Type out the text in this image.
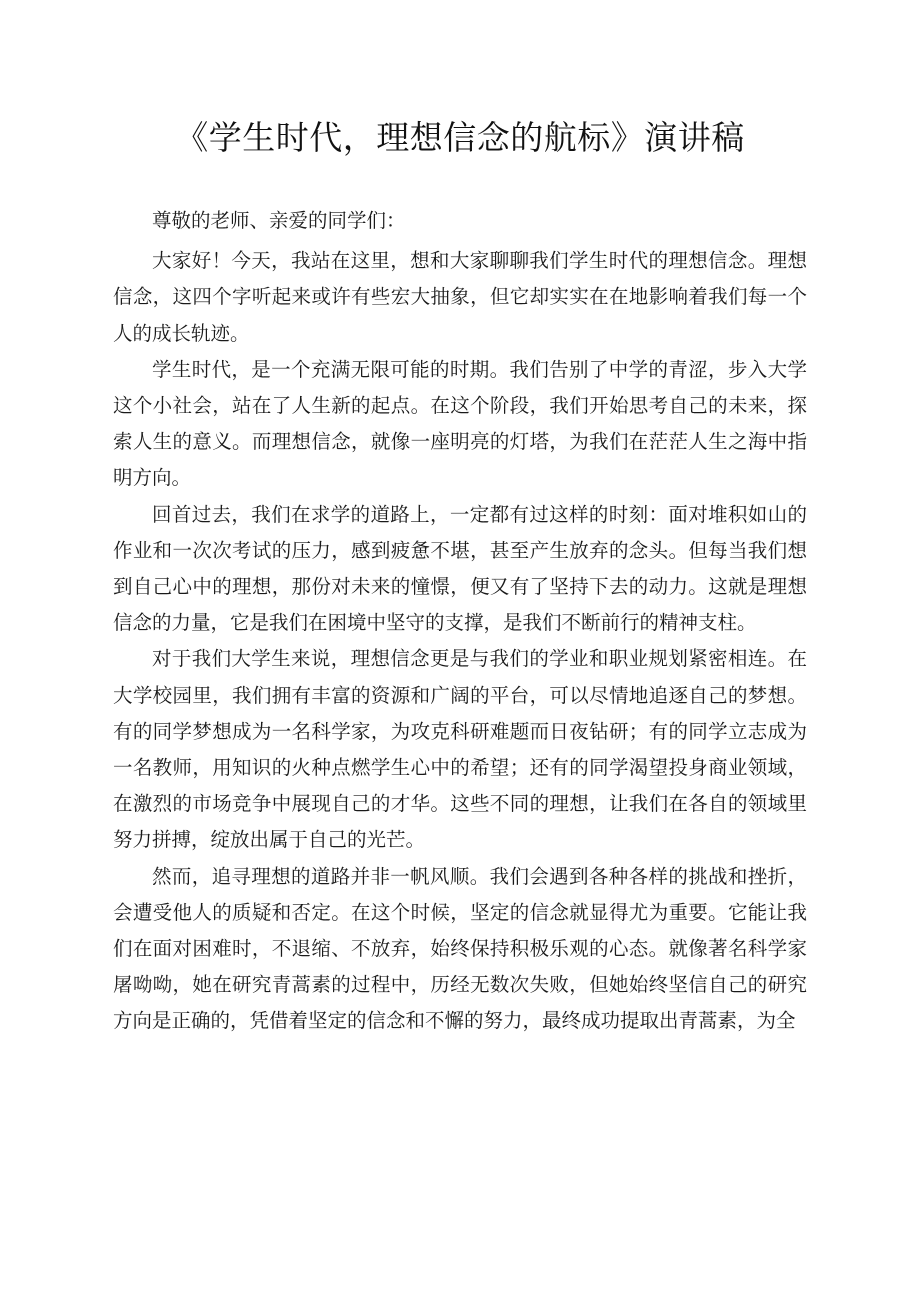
《学生时代，理想信念的航标》演讲稿

尊敬的老师、亲爱的同学们：

大家好！今天，我站在这里，想和大家聊聊我们学生时代的理想信念。理想信念，这四个字听起来或许有些宏大抽象，但它却实实在在地影响着我们每一个人的成长轨迹。

学生时代，是一个充满无限可能的时期。我们告别了中学的青涩，步入大学这个小社会，站在了人生新的起点。在这个阶段，我们开始思考自己的未来，探索人生的意义。而理想信念，就像一座明亮的灯塔，为我们在茫茫人生之海中指明方向。

回首过去，我们在求学的道路上，一定都有过这样的时刻：面对堆积如山的作业和一次次考试的压力，感到疲惫不堪，甚至产生放弃的念头。但每当我们想到自己心中的理想，那份对未来的憧憬，便又有了坚持下去的动力。这就是理想信念的力量，它是我们在困境中坚守的支撑，是我们不断前行的精神支柱。

对于我们大学生来说，理想信念更是与我们的学业和职业规划紧密相连。在大学校园里，我们拥有丰富的资源和广阔的平台，可以尽情地追逐自己的梦想。有的同学梦想成为一名科学家，为攻克科研难题而日夜钻研；有的同学立志成为一名教师，用知识的火种点燃学生心中的希望；还有的同学渴望投身商业领域，在激烈的市场竞争中展现自己的才华。这些不同的理想，让我们在各自的领域里努力拼搏，绽放出属于自己的光芒。

然而，追寻理想的道路并非一帆风顺。我们会遇到各种各样的挑战和挫折，会遭受他人的质疑和否定。在这个时候，坚定的信念就显得尤为重要。它能让我们在面对困难时，不退缩、不放弃，始终保持积极乐观的心态。就像著名科学家屠呦呦，她在研究青蒿素的过程中，历经无数次失败，但她始终坚信自己的研究方向是正确的，凭借着坚定的信念和不懈的努力，最终成功提取出青蒿素，为全
